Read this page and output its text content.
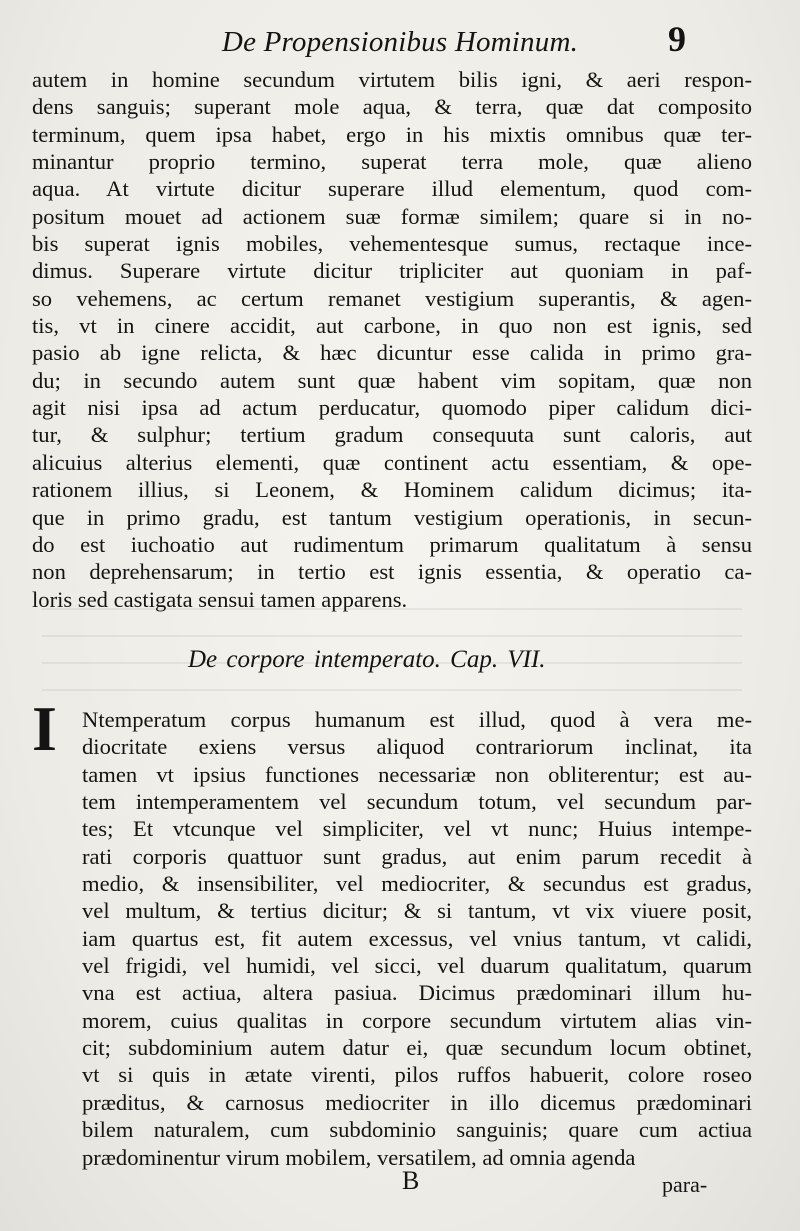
De Propensionibus Hominum.	9
autem in homine secundum virtutem bilis igni, & aeri respon-
dens sanguis; superant mole aqua, & terra, quæ dat composito
terminum, quem ipsa habet, ergo in his mixtis omnibus quæ ter-
minantur proprio termino, superat terra mole, quæ alieno
aqua. At virtute dicitur superare illud elementum, quod com-
positum mouet ad actionem suæ formæ similem; quare si in no-
bis superat ignis mobiles, vehementesque sumus, rectaque ince-
dimus. Superare virtute dicitur tripliciter aut quoniam in paf-
so vehemens, ac certum remanet vestigium superantis, & agen-
tis, vt in cinere accidit, aut carbone, in quo non est ignis, sed
pasio ab igne relicta, & hæc dicuntur esse calida in primo gra-
du; in secundo autem sunt quæ habent vim sopitam, quæ non
agit nisi ipsa ad actum perducatur, quomodo piper calidum dici-
tur, & sulphur; tertium gradum consequuta sunt caloris, aut
alicuius alterius elementi, quæ continent actu essentiam, & ope-
rationem illius, si Leonem, & Hominem calidum dicimus; ita-
que in primo gradu, est tantum vestigium operationis, in secun-
do est iuchoatio aut rudimentum primarum qualitatum à sensu
non deprehensarum; in tertio est ignis essentia, & operatio ca-
loris sed castigata sensui tamen apparens.
De corpore intemperato. Cap. VII.
I Ntemperatum corpus humanum est illud, quod à vera me-
diocritate exiens versus aliquod contrariorum inclinat, ita
tamen vt ipsius functiones necessariæ non obliterentur; est au-
tem intemperamentem vel secundum totum, vel secundum par-
tes; Et vtcunque vel simpliciter, vel vt nunc; Huius intempe-
rati corporis quattuor sunt gradus, aut enim parum recedit à
medio, & insensibiliter, vel mediocriter, & secundus est gradus,
vel multum, & tertius dicitur; & si tantum, vt vix viuere posit,
iam quartus est, fit autem excessus, vel vnius tantum, vt calidi,
vel frigidi, vel humidi, vel sicci, vel duarum qualitatum, quarum
vna est actiua, altera pasiua. Dicimus prædominari illum hu-
morem, cuius qualitas in corpore secundum virtutem alias vin-
cit; subdominium autem datur ei, quæ secundum locum obtinet,
vt si quis in ætate virenti, pilos ruffos habuerit, colore roseo
præditus, & carnosus mediocriter in illo dicemus prædominari
bilem naturalem, cum subdominio sanguinis; quare cum actiua
prædominentur virum mobilem, versatilem, ad omnia agenda
B	para-
